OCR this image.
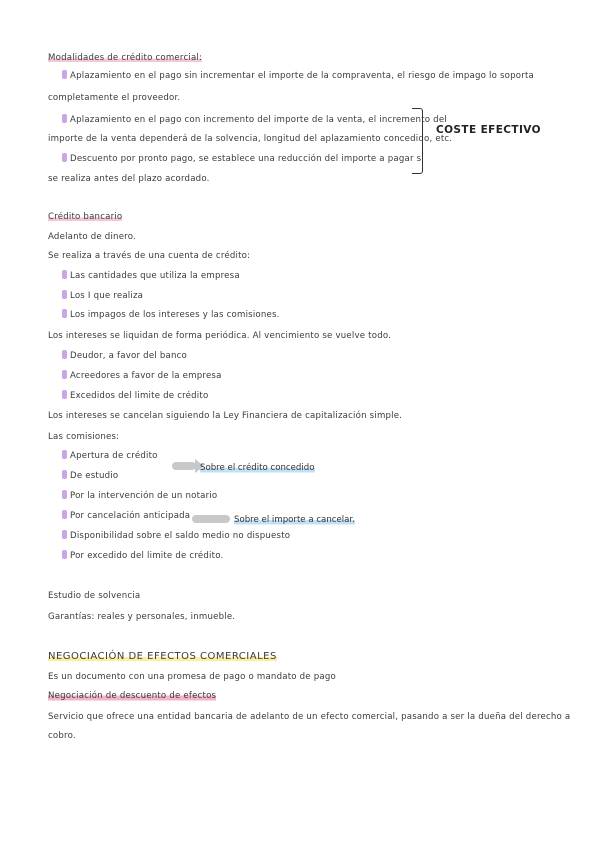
Modalidades de crédito comercial:
Aplazamiento en el pago sin incrementar el importe de la compraventa, el riesgo de impago lo soporta
completamente el proveedor.
Aplazamiento en el pago con incremento del importe de la venta, el incremento del
importe de la venta dependerá de la solvencia, longitud del aplazamiento concedido, etc.
Descuento por pronto pago, se establece una reducción del importe a pagar si
se realiza antes del plazo acordado.
COSTE EFECTIVO
Crédito bancario
Adelanto de dinero.
Se realiza a través de una cuenta de crédito:
Las cantidades que utiliza la empresa
Los I que realiza
Los impagos de los intereses y las comisiones.
Los intereses se liquidan de forma periódica. Al vencimiento se vuelve todo.
Deudor, a favor del banco
Acreedores a favor de la empresa
Excedidos del limite de crédito
Los intereses se cancelan siguiendo la Ley Financiera de capitalización simple.
Las comisiones:
Apertura de crédito
De estudio
Por la intervención de un notario
Por cancelación anticipada
Disponibilidad sobre el saldo medio no dispuesto
Por excedido del limite de crédito.
Sobre el crédito concedido
Sobre el importe a cancelar.
Estudio de solvencia
Garantías: reales y personales, inmueble.
NEGOCIACIÓN DE EFECTOS COMERCIALES
Es un documento con una promesa de pago o mandato de pago
Negociación de descuento de efectos
Servicio que ofrece una entidad bancaria de adelanto de un efecto comercial, pasando a ser la dueña del derecho a
cobro.
